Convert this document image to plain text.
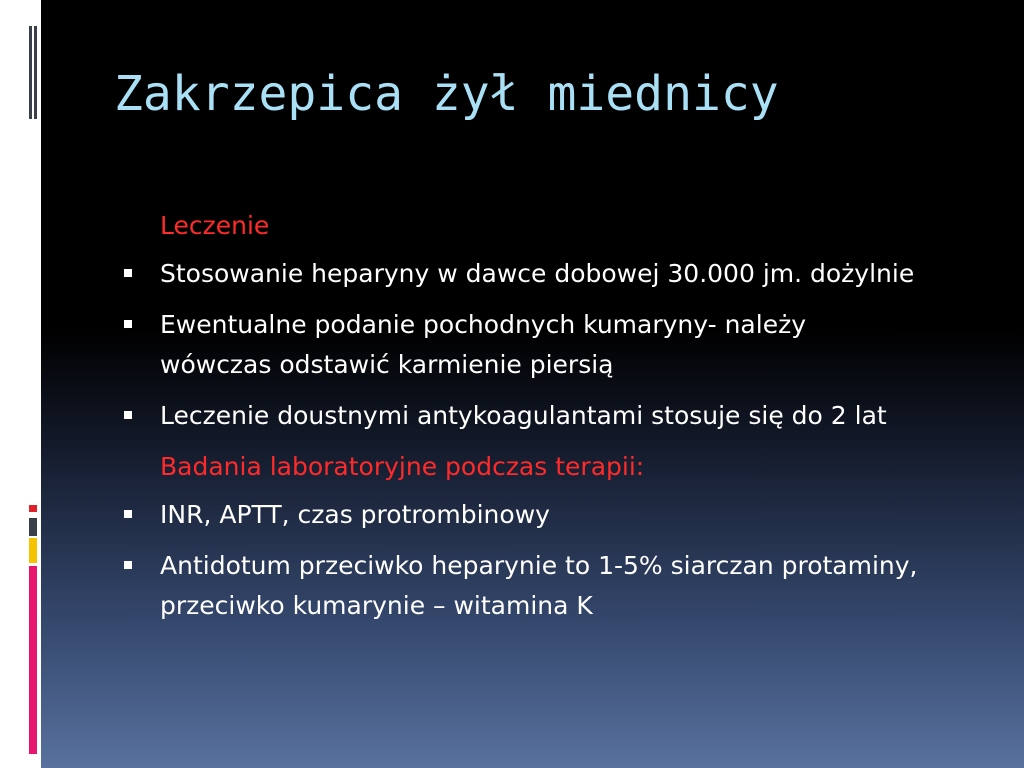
Zakrzepica żył miednicy
Leczenie
Stosowanie heparyny w dawce dobowej 30.000 jm. dożylnie
Ewentualne podanie pochodnych kumaryny- należy wówczas odstawić karmienie piersią
Leczenie doustnymi antykoagulantami stosuje się do 2 lat
Badania laboratoryjne podczas terapii:
INR, APTT, czas protrombinowy
Antidotum przeciwko heparynie to 1-5% siarczan protaminy, przeciwko kumarynie – witamina K
